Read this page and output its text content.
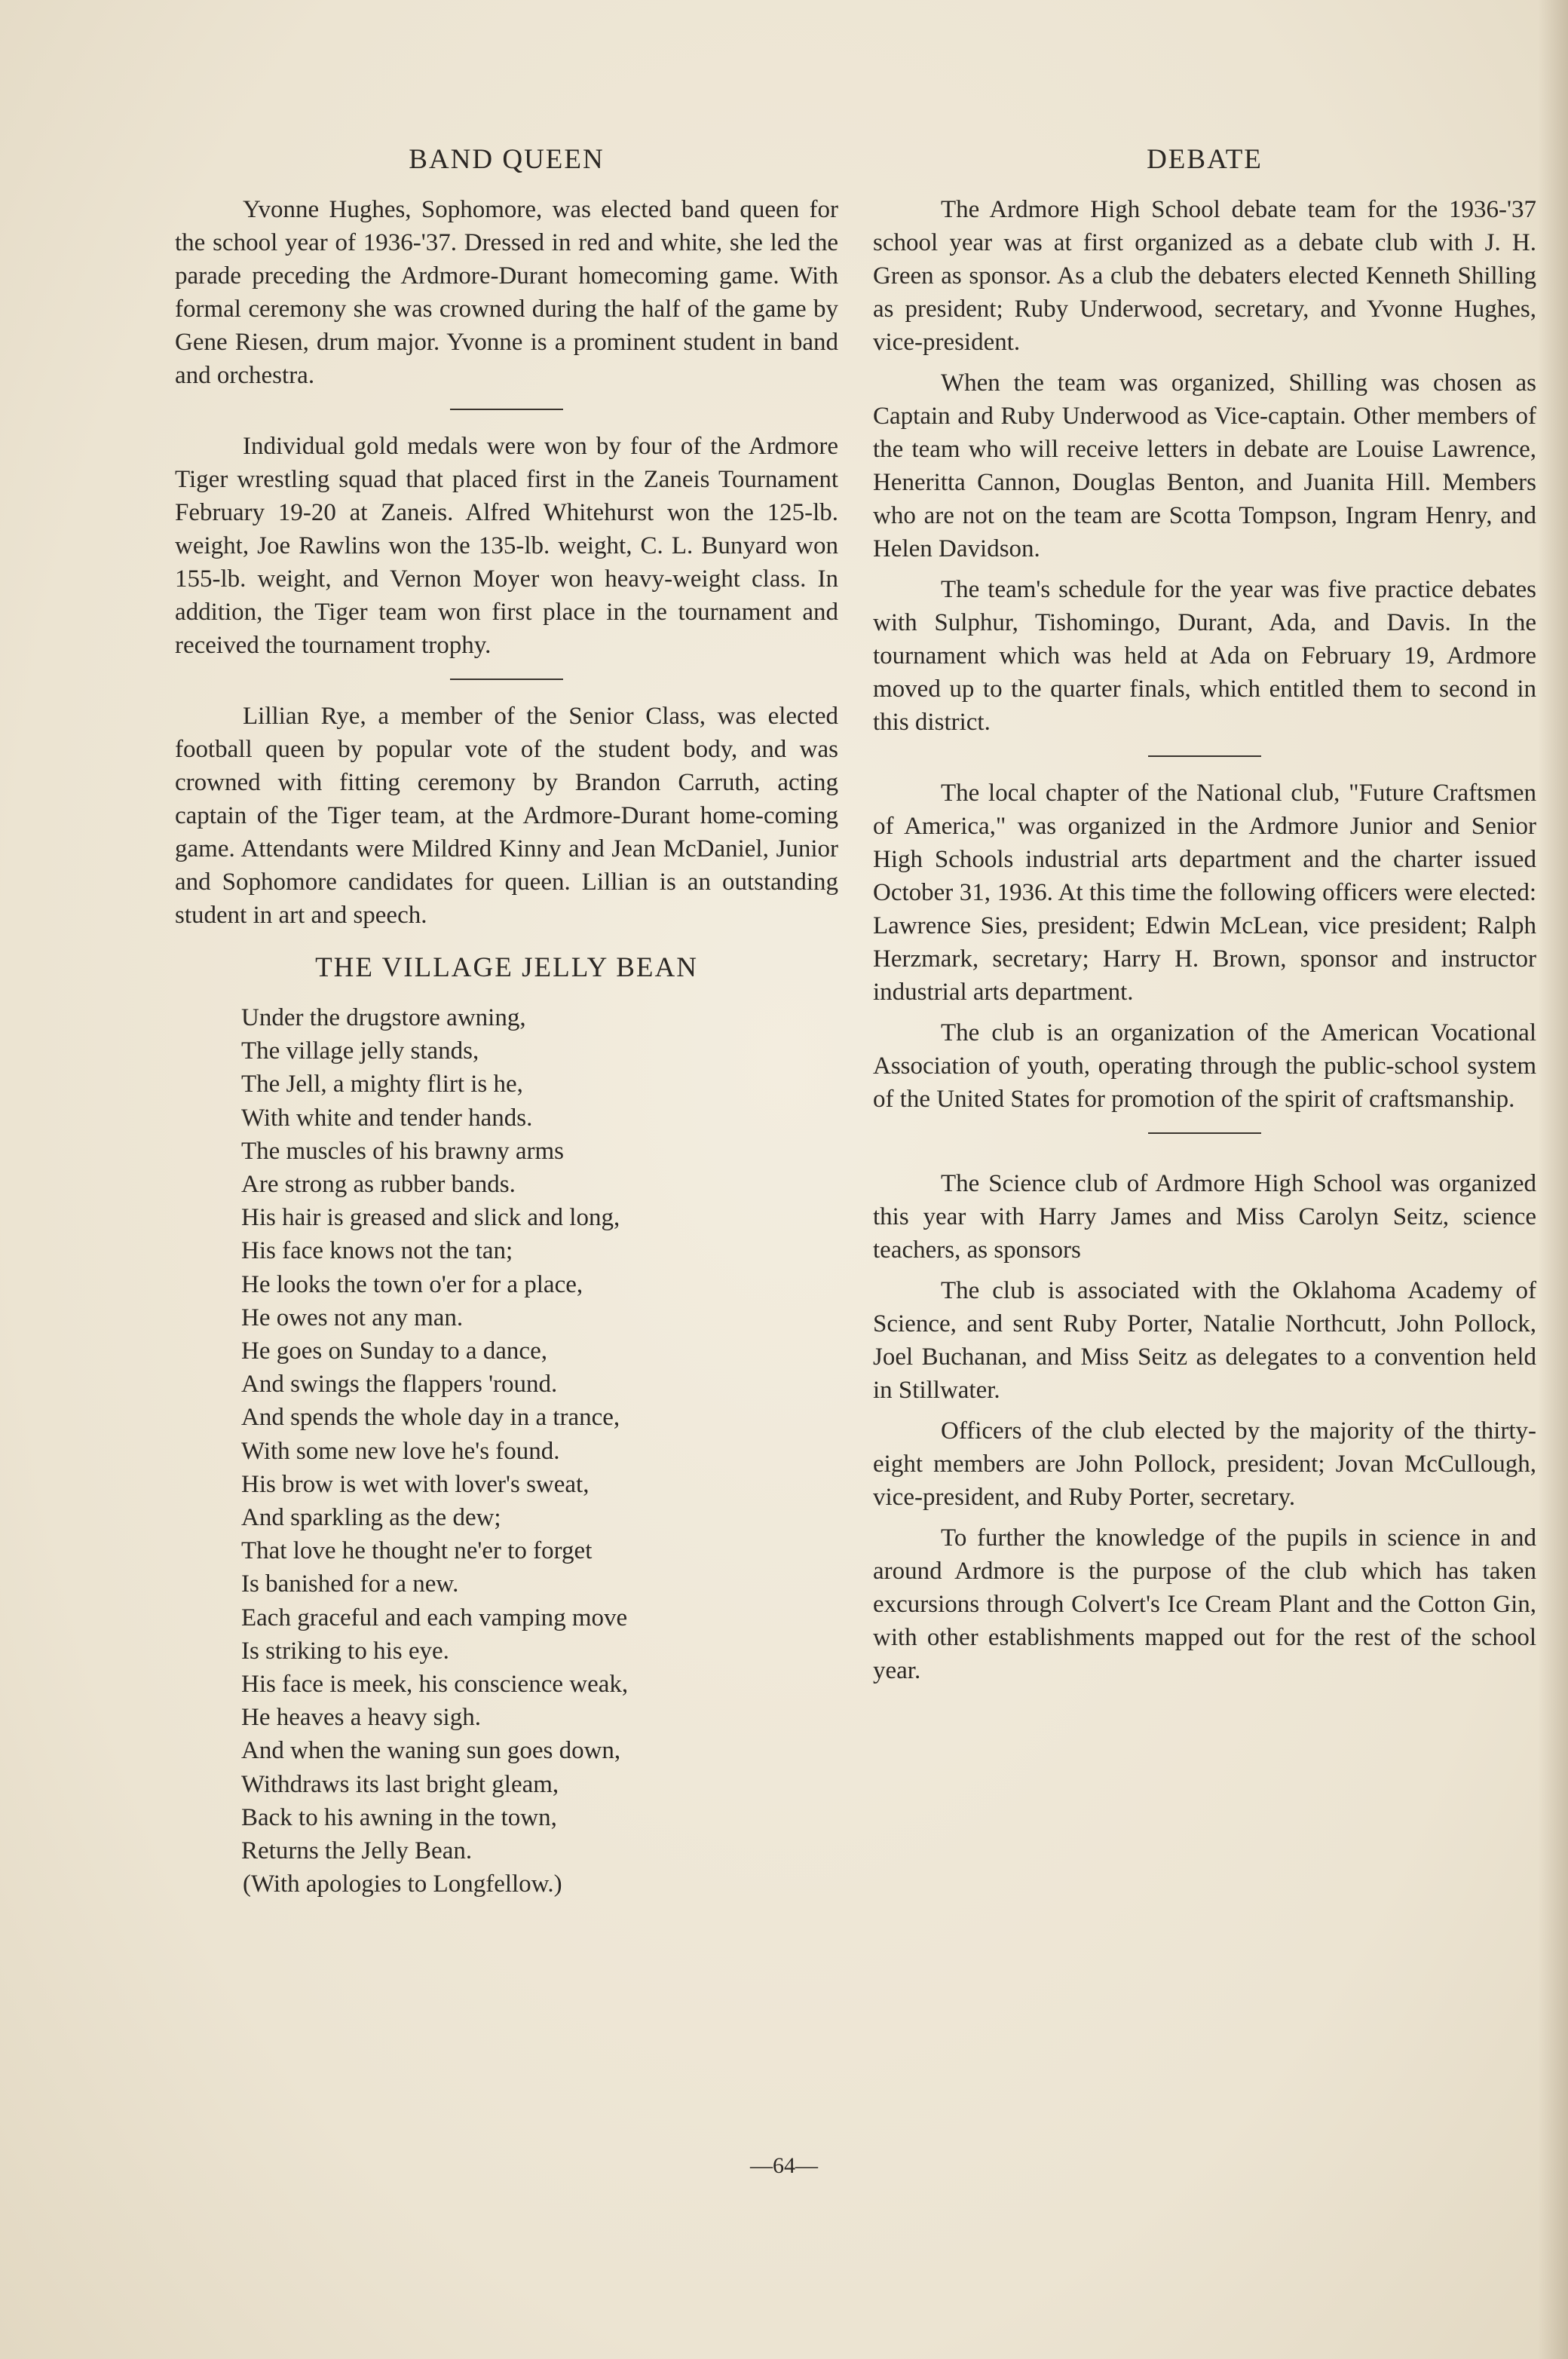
BAND QUEEN

Yvonne Hughes, Sophomore, was elected band queen for the school year of 1936-'37. Dressed in red and white, she led the parade preceding the Ardmore-Durant homecoming game. With formal ceremony she was crowned during the half of the game by Gene Riesen, drum major. Yvonne is a prominent student in band and orchestra.

Individual gold medals were won by four of the Ardmore Tiger wrestling squad that placed first in the Zaneis Tournament February 19-20 at Zaneis. Alfred Whitehurst won the 125-lb. weight, Joe Rawlins won the 135-lb. weight, C. L. Bunyard won 155-lb. weight, and Vernon Moyer won heavy-weight class. In addition, the Tiger team won first place in the tournament and received the tournament trophy.

Lillian Rye, a member of the Senior Class, was elected football queen by popular vote of the student body, and was crowned with fitting ceremony by Brandon Carruth, acting captain of the Tiger team, at the Ardmore-Durant home-coming game. Attendants were Mildred Kinny and Jean McDaniel, Junior and Sophomore candidates for queen. Lillian is an outstanding student in art and speech.

THE VILLAGE JELLY BEAN

Under the drugstore awning,

The village jelly stands,

The Jell, a mighty flirt is he,

With white and tender hands.

The muscles of his brawny arms

Are strong as rubber bands.

His hair is greased and slick and long,

His face knows not the tan;

He looks the town o'er for a place,

He owes not any man.

He goes on Sunday to a dance,

And swings the flappers 'round.

And spends the whole day in a trance,

With some new love he's found.

His brow is wet with lover's sweat,

And sparkling as the dew;

That love he thought ne'er to forget

Is banished for a new.

Each graceful and each vamping move

Is striking to his eye.

His face is meek, his conscience weak,

He heaves a heavy sigh.

And when the waning sun goes down,

Withdraws its last bright gleam,

Back to his awning in the town,

Returns the Jelly Bean.

(With apologies to Longfellow.)

DEBATE

The Ardmore High School debate team for the 1936-'37 school year was at first organized as a debate club with J. H. Green as sponsor. As a club the debaters elected Kenneth Shilling as president; Ruby Underwood, secretary, and Yvonne Hughes, vice-president.

When the team was organized, Shilling was chosen as Captain and Ruby Underwood as Vice-captain. Other members of the team who will receive letters in debate are Louise Lawrence, Heneritta Cannon, Douglas Benton, and Juanita Hill. Members who are not on the team are Scotta Tompson, Ingram Henry, and Helen Davidson.

The team's schedule for the year was five practice debates with Sulphur, Tishomingo, Durant, Ada, and Davis. In the tournament which was held at Ada on February 19, Ardmore moved up to the quarter finals, which entitled them to second in this district.

The local chapter of the National club, "Future Craftsmen of America," was organized in the Ardmore Junior and Senior High Schools industrial arts department and the charter issued October 31, 1936. At this time the following officers were elected: Lawrence Sies, president; Edwin McLean, vice president; Ralph Herzmark, secretary; Harry H. Brown, sponsor and instructor industrial arts department.

The club is an organization of the American Vocational Association of youth, operating through the public-school system of the United States for promotion of the spirit of craftsmanship.

The Science club of Ardmore High School was organized this year with Harry James and Miss Carolyn Seitz, science teachers, as sponsors

The club is associated with the Oklahoma Academy of Science, and sent Ruby Porter, Natalie Northcutt, John Pollock, Joel Buchanan, and Miss Seitz as delegates to a convention held in Stillwater.

Officers of the club elected by the majority of the thirty-eight members are John Pollock, president; Jovan McCullough, vice-president, and Ruby Porter, secretary.

To further the knowledge of the pupils in science in and around Ardmore is the purpose of the club which has taken excursions through Colvert's Ice Cream Plant and the Cotton Gin, with other establishments mapped out for the rest of the school year.

—64—
